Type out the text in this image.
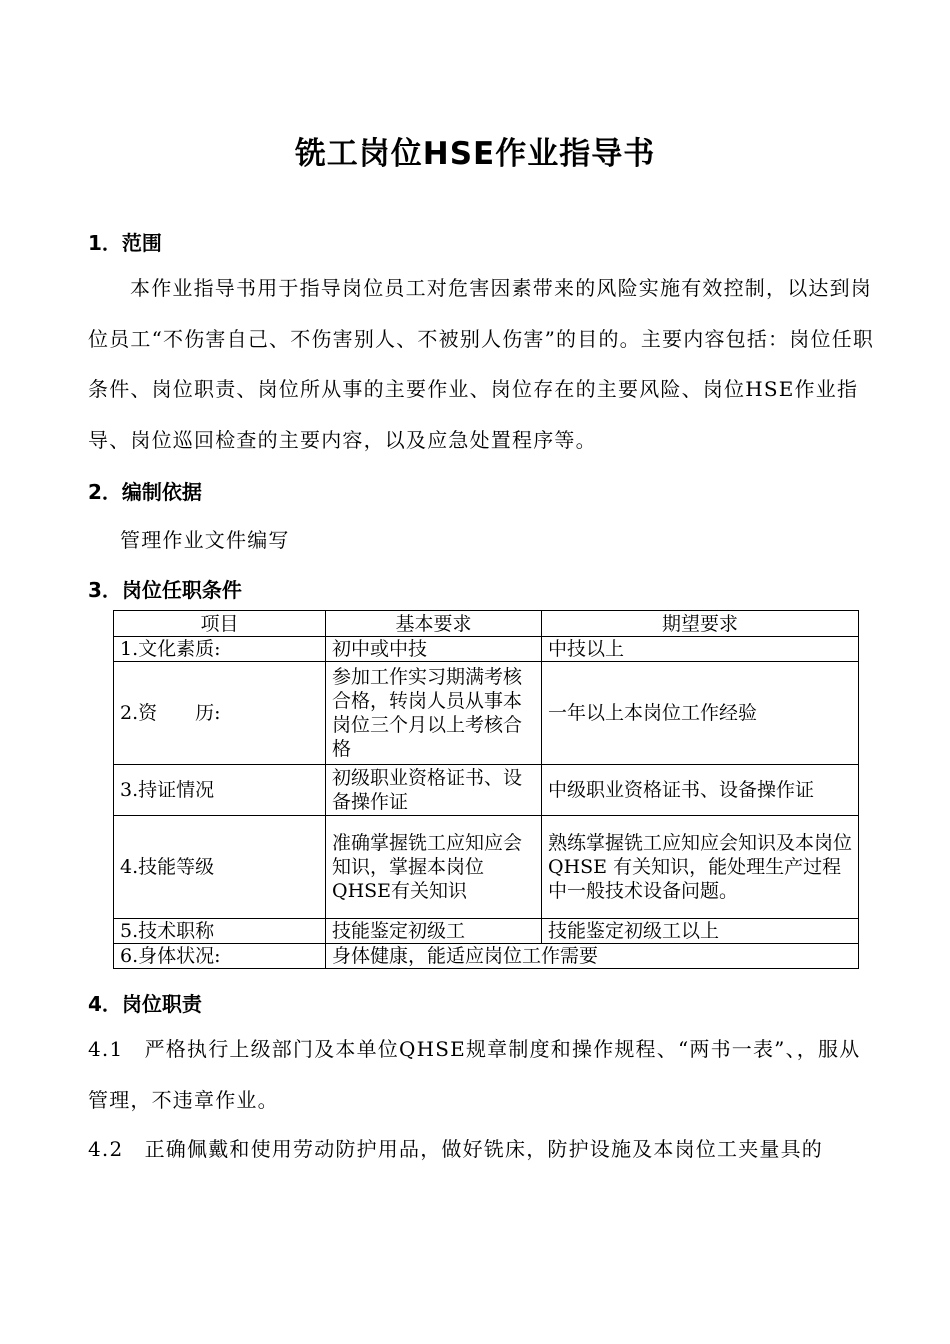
铣工岗位HSE作业指导书
1．范围

本作业指导书用于指导岗位员工对危害因素带来的风险实施有效控制，以达到岗位员工“不伤害自己、不伤害别人、不被别人伤害”的目的。主要内容包括：岗位任职条件、岗位职责、岗位所从事的主要作业、岗位存在的主要风险、岗位HSE作业指导、岗位巡回检查的主要内容，以及应急处置程序等。

2．编制依据

管理作业文件编写

3．岗位任职条件
项目	基本要求	期望要求
1.文化素质:	初中或中技	中技以上
2.资　　历:	参加工作实习期满考核合格，转岗人员从事本岗位三个月以上考核合格	一年以上本岗位工作经验
3.持证情况	初级职业资格证书、设备操作证	中级职业资格证书、设备操作证
4.技能等级	准确掌握铣工应知应会知识，掌握本岗位QHSE有关知识	熟练掌握铣工应知应会知识及本岗位 QHSE 有关知识，能处理生产过程中一般技术设备问题。
5.技术职称	技能鉴定初级工	技能鉴定初级工以上
6.身体状况:	身体健康，能适应岗位工作需要	
4．岗位职责

4.1　严格执行上级部门及本单位QHSE规章制度和操作规程、“两书一表”、，服从管理，不违章作业。

4.2　正确佩戴和使用劳动防护用品，做好铣床，防护设施及本岗位工夹量具的
